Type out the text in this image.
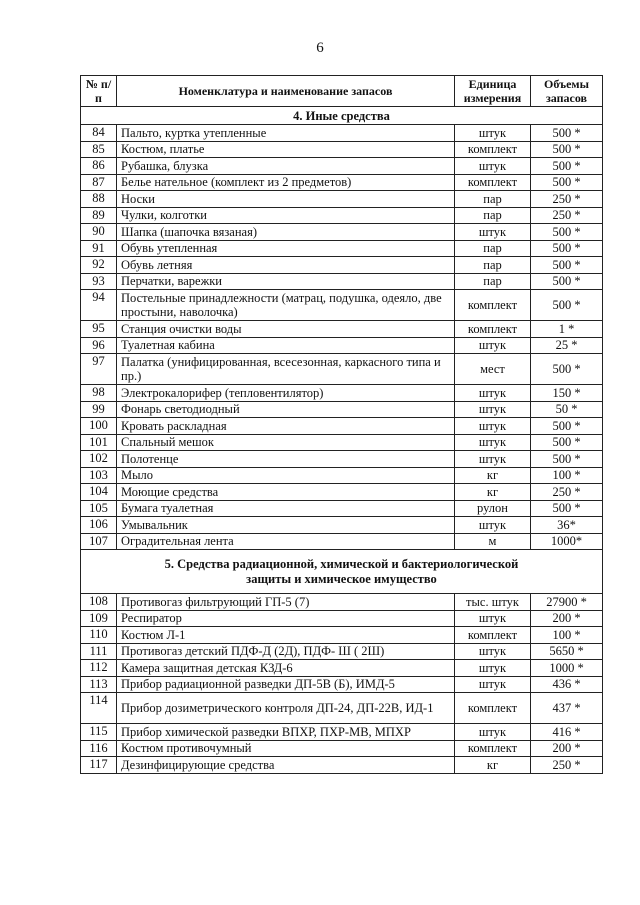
6
№ п/п	Номенклатура и наименование запасов	Единица измерения	Объемы запасов
4. Иные средства			
84	Пальто, куртка утепленные	штук	500 *
85	Костюм, платье	комплект	500 *
86	Рубашка, блузка	штук	500 *
87	Белье нательное (комплект из 2 предметов)	комплект	500 *
88	Носки	пар	250 *
89	Чулки, колготки	пар	250 *
90	Шапка (шапочка вязаная)	штук	500 *
91	Обувь утепленная	пар	500 *
92	Обувь летняя	пар	500 *
93	Перчатки, варежки	пар	500 *
94	Постельные принадлежности (матрац, подушка, одеяло, две простыни, наволочка)	комплект	500 *
95	Станция очистки воды	комплект	1 *
96	Туалетная кабина	штук	25 *
97	Палатка (унифицированная, всесезонная, каркасного типа и пр.)	мест	500 *
98	Электрокалорифер (тепловентилятор)	штук	150 *
99	Фонарь светодиодный	штук	50 *
100	Кровать раскладная	штук	500 *
101	Спальный мешок	штук	500 *
102	Полотенце	штук	500 *
103	Мыло	кг	100 *
104	Моющие средства	кг	250 *
105	Бумага туалетная	рулон	500 *
106	Умывальник	штук	36*
107	Оградительная лента	м	1000*

5. Средства радиационной, химической и бактериологической
защиты и химическое имущество			

108	Противогаз фильтрующий ГП-5 (7)	тыс. штук	27900 *
109	Респиратор	штук	200 *
110	Костюм Л-1	комплект	100 *
111	Противогаз детский ПДФ-Д (2Д), ПДФ- Ш ( 2Ш)	штук	5650 *
112	Камера защитная детская КЗД-6	штук	1000 *
113	Прибор радиационной разведки ДП-5В (Б), ИМД-5	штук	436 *
114	Прибор дозиметрического контроля ДП-24, ДП-22В, ИД-1	комплект	437 *
115	Прибор химической разведки ВПХР, ПХР-МВ, МПХР	штук	416 *
116	Костюм противочумный	комплект	200 *
117	Дезинфицирующие средства	кг	250 *
